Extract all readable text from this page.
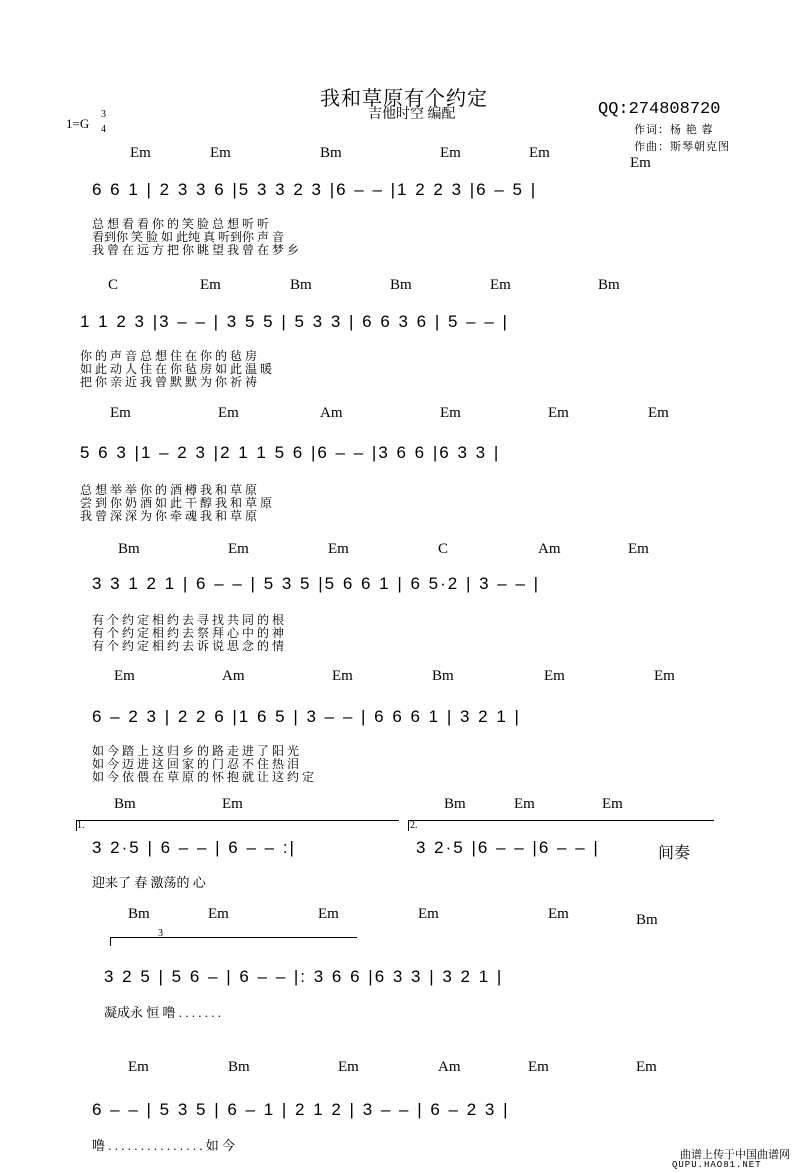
我和草原有个约定
吉他时空 编配	QQ:274808720
作词：杨 艳 蓉
作曲：斯琴朝克图
1=G
3
4
Em	Em	Bm	Em	Em
Em
6 6 1 | 2 3 3 6 |5 3 3 2 3 |6 – – |1 2 2 3 |6 – 5 |
总 想 看 看 你 的 笑 脸 总 想 听 听
看到你 笑 脸 如 此纯 真 听到你 声 音
我 曾 在 远 方 把 你 眺 望 我 曾 在 梦 乡
C	Em	Bm	Bm	Em	Bm
1 1 2 3 |3 – – | 3 5 5 | 5 3 3 | 6 6 3 6 | 5 – – |
你 的 声 音 总 想 住 在 你 的 毡 房
如 此 动 人 住 在 你 毡 房 如 此 温 暖
把 你 亲 近 我 曾 默 默 为 你 祈 祷
Em	Em	Am	Em	Em	Em
5 6 3 |1 – 2 3 |2 1 1 5 6 |6 – – |3 6 6 |6 3 3 |
总 想 举 举 你 的 酒 樽 我 和 草 原
尝 到 你 奶 酒 如 此 干 醇 我 和 草 原
我 曾 深 深 为 你 牵 魂 我 和 草 原
Bm	Em	Em	C	Am	Em
3 3 1 2 1 | 6 – – | 5 3 5 |5 6 6 1 | 6 5·2 | 3 – – |
有 个 约 定 相 约 去 寻 找 共 同 的 根
有 个 约 定 相 约 去 祭 拜 心 中 的 神
有 个 约 定 相 约 去 诉 说 思 念 的 情
Em	Am	Em	Bm	Em	Em
6 – 2 3 | 2 2 6 |1 6 5 | 3 – – | 6 6 6 1 | 3 2 1 |
如 今 踏 上 这 归 乡 的 路 走 进 了 阳 光
如 今 迈 进 这 回 家 的 门 忍 不 住 热 泪
如 今 依 偎 在 草 原 的 怀 抱 就 让 这 约 定
Bm	Em	Bm	Em	Em
1.	2.
3 2·5 | 6 – – | 6 – – :|	3 2·5 |6 – – |6 – – |	间奏
迎来了 春 激荡的 心
Bm	Em	Em	Em	Em	Bm
3
3 2 5 | 5 6 – | 6 – – |: 3 6 6 |6 3 3 | 3 2 1 |
凝成永 恒 噜 . . . . . . .
Em	Bm	Em	Am	Em	Em
6 – – | 5 3 5 | 6 – 1 | 2 1 2 | 3 – – | 6 – 2 3 |
噜 . . . . . . . . . . . . . . . 如 今
曲谱上传于中国曲谱网
QUPU.HAO81.NET
